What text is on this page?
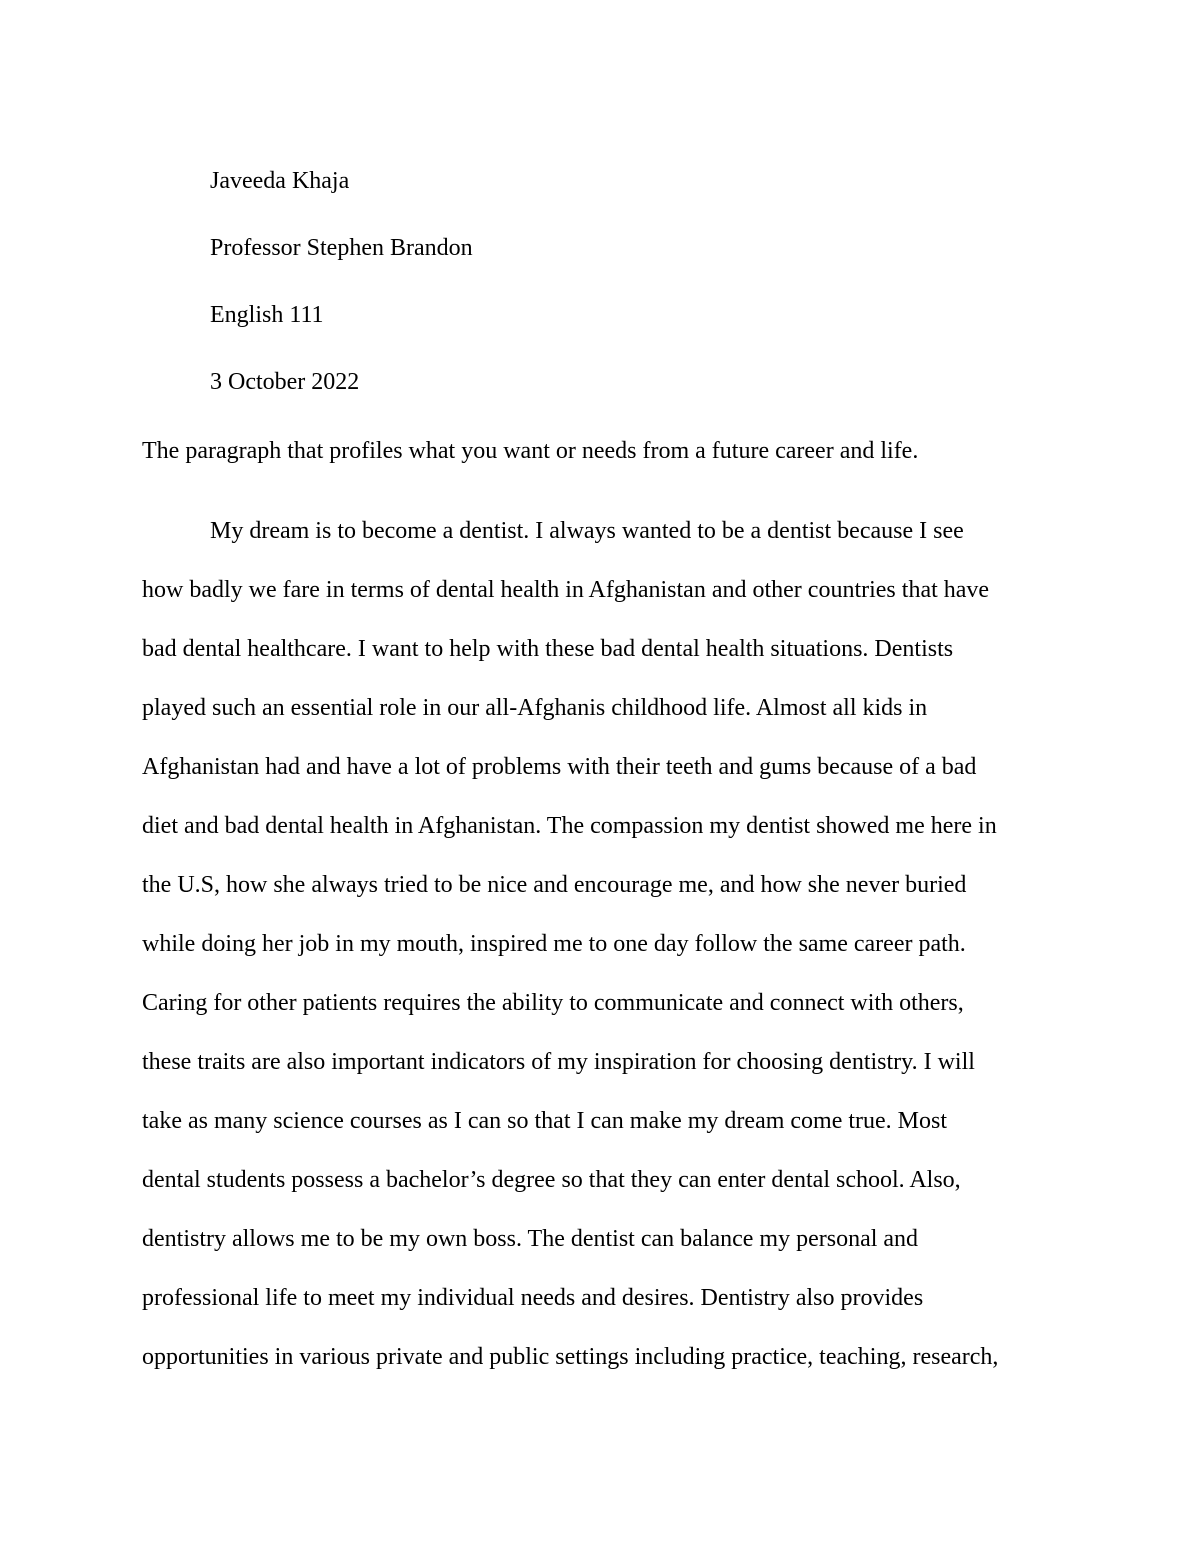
Javeeda Khaja
Professor Stephen Brandon
English 111
3 October 2022
The paragraph that profiles what you want or needs from a future career and life.
My dream is to become a dentist. I always wanted to be a dentist because I see
how badly we fare in terms of dental health in Afghanistan and other countries that have
bad dental healthcare. I want to help with these bad dental health situations. Dentists
played such an essential role in our all-Afghanis childhood life. Almost all kids in
Afghanistan had and have a lot of problems with their teeth and gums because of a bad
diet and bad dental health in Afghanistan. The compassion my dentist showed me here in
the U.S, how she always tried to be nice and encourage me, and how she never buried
while doing her job in my mouth, inspired me to one day follow the same career path.
Caring for other patients requires the ability to communicate and connect with others,
these traits are also important indicators of my inspiration for choosing dentistry. I will
take as many science courses as I can so that I can make my dream come true. Most
dental students possess a bachelor’s degree so that they can enter dental school. Also,
dentistry allows me to be my own boss. The dentist can balance my personal and
professional life to meet my individual needs and desires. Dentistry also provides
opportunities in various private and public settings including practice, teaching, research,
